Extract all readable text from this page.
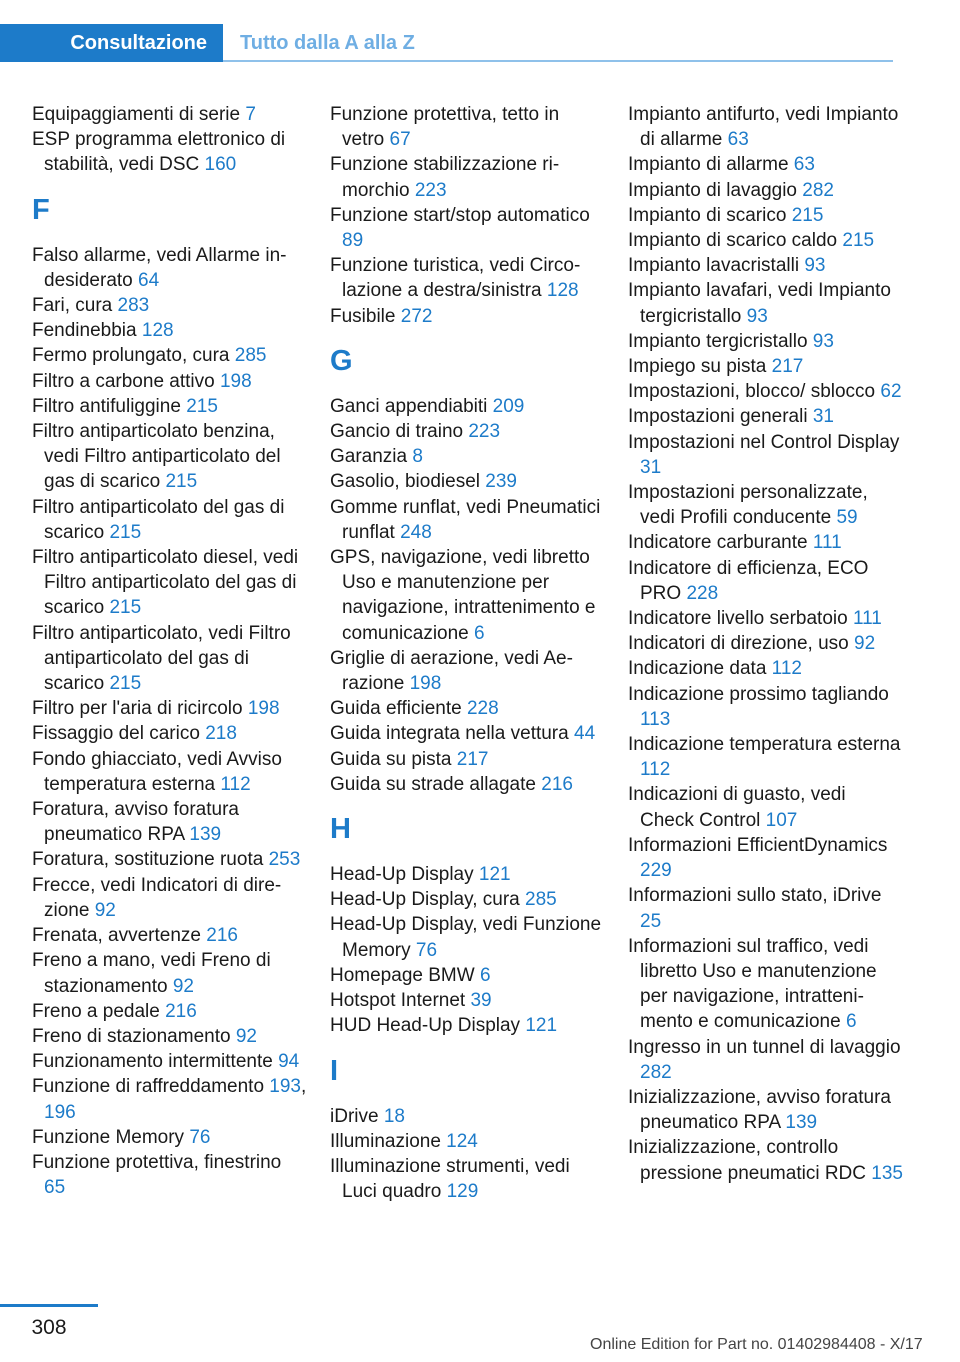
Consultazione	Tutto dalla A alla Z
Equipaggiamenti di serie 7
ESP programma elettronico di stabilità, vedi DSC 160
F
Falso allarme, vedi Allarme indesiderato 64
Fari, cura 283
Fendinebbia 128
Fermo prolungato, cura 285
Filtro a carbone attivo 198
Filtro antifuliggine 215
Filtro antiparticolato benzina, vedi Filtro antiparticolato del gas di scarico 215
Filtro antiparticolato del gas di scarico 215
Filtro antiparticolato diesel, vedi Filtro antiparticolato del gas di scarico 215
Filtro antiparticolato, vedi Filtro antiparticolato del gas di scarico 215
Filtro per l'aria di ricircolo 198
Fissaggio del carico 218
Fondo ghiacciato, vedi Avviso temperatura esterna 112
Foratura, avviso foratura pneumatico RPA 139
Foratura, sostituzione ruota 253
Frecce, vedi Indicatori di direzione 92
Frenata, avvertenze 216
Freno a mano, vedi Freno di stazionamento 92
Freno a pedale 216
Freno di stazionamento 92
Funzionamento intermittente 94
Funzione di raffreddamento 193, 196
Funzione Memory 76
Funzione protettiva, finestrino 65
Funzione protettiva, tetto in vetro 67
Funzione stabilizzazione rimorchio 223
Funzione start/stop automatico 89
Funzione turistica, vedi Circolazione a destra/sinistra 128
Fusibile 272
G
Ganci appendiabiti 209
Gancio di traino 223
Garanzia 8
Gasolio, biodiesel 239
Gomme runflat, vedi Pneumatici runflat 248
GPS, navigazione, vedi libretto Uso e manutenzione per navigazione, intrattenimento e comunicazione 6
Griglie di aerazione, vedi Aerazione 198
Guida efficiente 228
Guida integrata nella vettura 44
Guida su pista 217
Guida su strade allagate 216
H
Head-Up Display 121
Head-Up Display, cura 285
Head-Up Display, vedi Funzione Memory 76
Homepage BMW 6
Hotspot Internet 39
HUD Head-Up Display 121
I
iDrive 18
Illuminazione 124
Illuminazione strumenti, vedi Luci quadro 129
Impianto antifurto, vedi Impianto di allarme 63
Impianto di allarme 63
Impianto di lavaggio 282
Impianto di scarico 215
Impianto di scarico caldo 215
Impianto lavacristalli 93
Impianto lavafari, vedi Impianto tergicristallo 93
Impianto tergicristallo 93
Impiego su pista 217
Impostazioni, blocco/ sblocco 62
Impostazioni generali 31
Impostazioni nel Control Display 31
Impostazioni personalizzate, vedi Profili conducente 59
Indicatore carburante 111
Indicatore di efficienza, ECO PRO 228
Indicatore livello serbatoio 111
Indicatori di direzione, uso 92
Indicazione data 112
Indicazione prossimo tagliando 113
Indicazione temperatura esterna 112
Indicazioni di guasto, vedi Check Control 107
Informazioni EfficientDynamics 229
Informazioni sullo stato, iDrive 25
Informazioni sul traffico, vedi libretto Uso e manutenzione per navigazione, intrattenimento e comunicazione 6
Ingresso in un tunnel di lavaggio 282
Inizializzazione, avviso foratura pneumatico RPA 139
Inizializzazione, controllo pressione pneumatici RDC 135
308
Online Edition for Part no. 01402984408 - X/17
